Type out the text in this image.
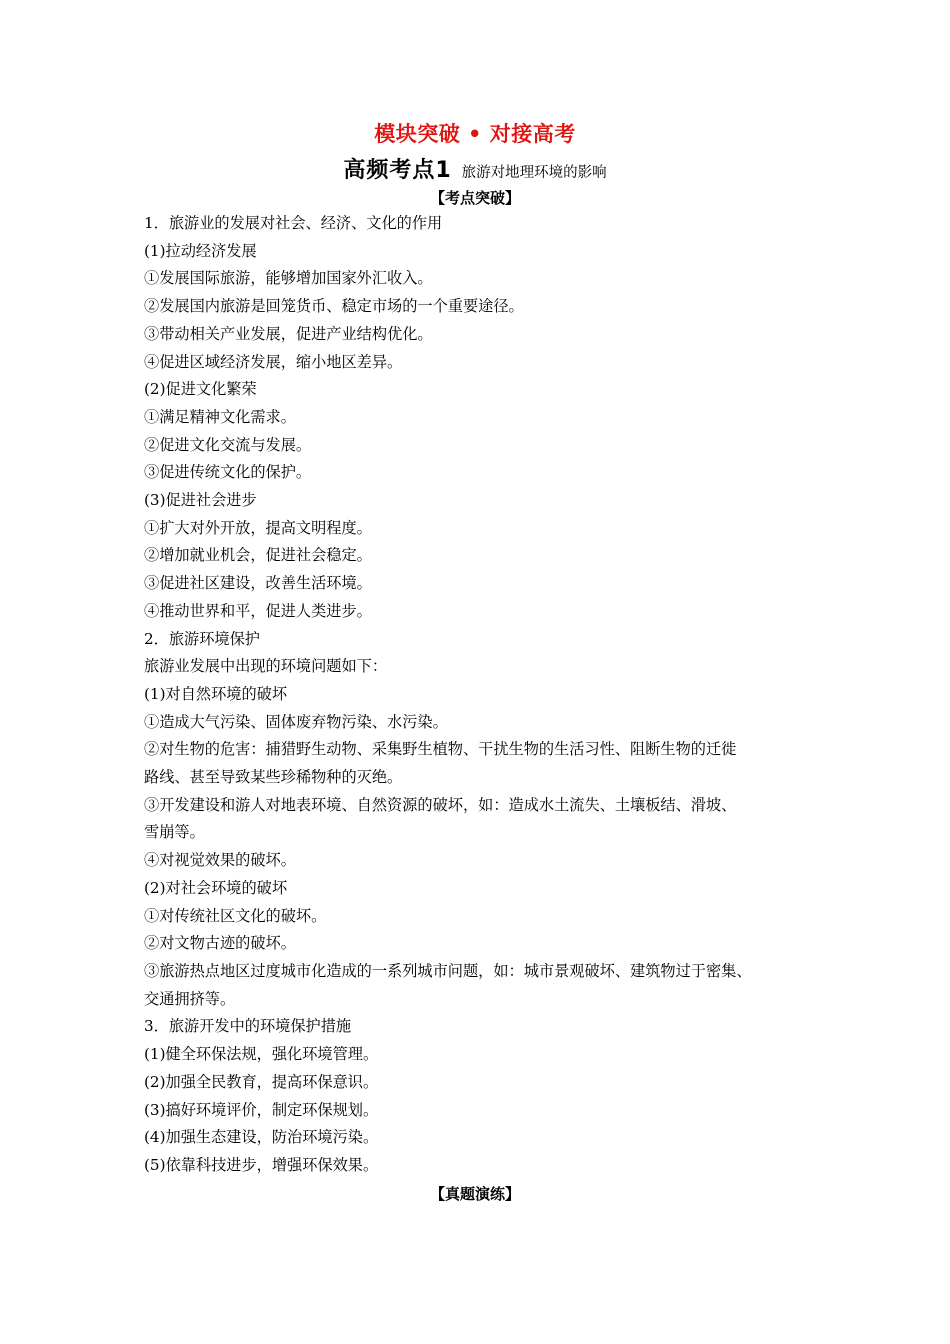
模块突破 • 对接高考
高频考点1 旅游对地理环境的影响
【考点突破】

1．旅游业的发展对社会、经济、文化的作用

(1)拉动经济发展

①发展国际旅游，能够增加国家外汇收入。

②发展国内旅游是回笼货币、稳定市场的一个重要途径。

③带动相关产业发展，促进产业结构优化。

④促进区域经济发展，缩小地区差异。

(2)促进文化繁荣

①满足精神文化需求。

②促进文化交流与发展。

③促进传统文化的保护。

(3)促进社会进步

①扩大对外开放，提高文明程度。

②增加就业机会，促进社会稳定。

③促进社区建设，改善生活环境。

④推动世界和平，促进人类进步。

2．旅游环境保护

旅游业发展中出现的环境问题如下：

(1)对自然环境的破坏

①造成大气污染、固体废弃物污染、水污染。

②对生物的危害：捕猎野生动物、采集野生植物、干扰生物的生活习性、阻断生物的迁徙

路线、甚至导致某些珍稀物种的灭绝。

③开发建设和游人对地表环境、自然资源的破坏，如：造成水土流失、土壤板结、滑坡、

雪崩等。

④对视觉效果的破坏。

(2)对社会环境的破坏

①对传统社区文化的破坏。

②对文物古迹的破坏。

③旅游热点地区过度城市化造成的一系列城市问题，如：城市景观破坏、建筑物过于密集、

交通拥挤等。

3．旅游开发中的环境保护措施

(1)健全环保法规，强化环境管理。

(2)加强全民教育，提高环保意识。

(3)搞好环境评价，制定环保规划。

(4)加强生态建设，防治环境污染。

(5)依靠科技进步，增强环保效果。

【真题演练】
